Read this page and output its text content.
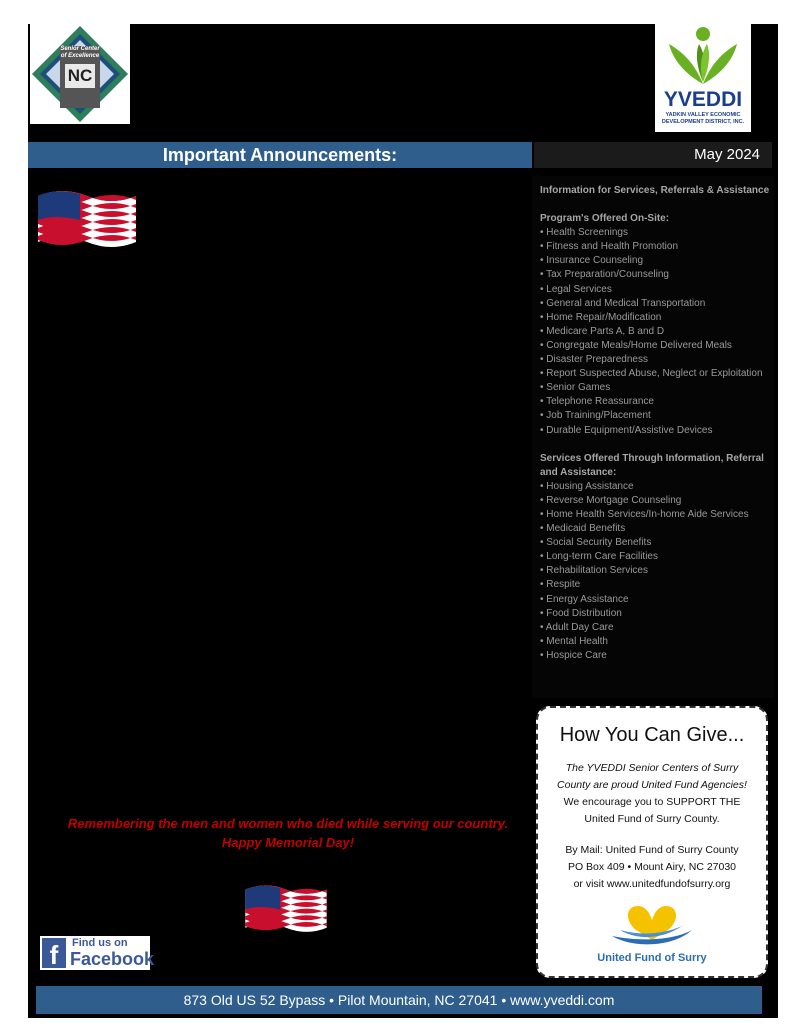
Senior Center of Excellence
NC
YVEDDI
YADKIN VALLEY ECONOMIC DEVELOPMENT DISTRICT, INC.
Important Announcements:	May 2024
Information for Services, Referrals & Assistance
Program's Offered On-Site:
• Health Screenings
• Fitness and Health Promotion
• Insurance Counseling
• Tax Preparation/Counseling
• Legal Services
• General and Medical Transportation
• Home Repair/Modification
• Medicare Parts A, B and D
• Congregate Meals/Home Delivered Meals
• Disaster Preparedness
• Report Suspected Abuse, Neglect or Exploitation
• Senior Games
• Telephone Reassurance
• Job Training/Placement
• Durable Equipment/Assistive Devices
Services Offered Through Information, Referral and Assistance:
• Housing Assistance
• Reverse Mortgage Counseling
• Home Health Services/In-home Aide Services
• Medicaid Benefits
• Social Security Benefits
• Long-term Care Facilities
• Rehabilitation Services
• Respite
• Energy Assistance
• Food Distribution
• Adult Day Care
• Mental Health
• Hospice Care
How You Can Give...
The YVEDDI Senior Centers of Surry County are proud United Fund Agencies! We encourage you to SUPPORT THE United Fund of Surry County.
By Mail: United Fund of Surry County
PO Box 409 • Mount Airy, NC 27030
or visit www.unitedfundofsurry.org
United Fund of Surry
Remembering the men and women who died while serving our country.
Happy Memorial Day!
f	Find us on
Facebook
873 Old US 52 Bypass • Pilot Mountain, NC 27041 • www.yveddi.com
